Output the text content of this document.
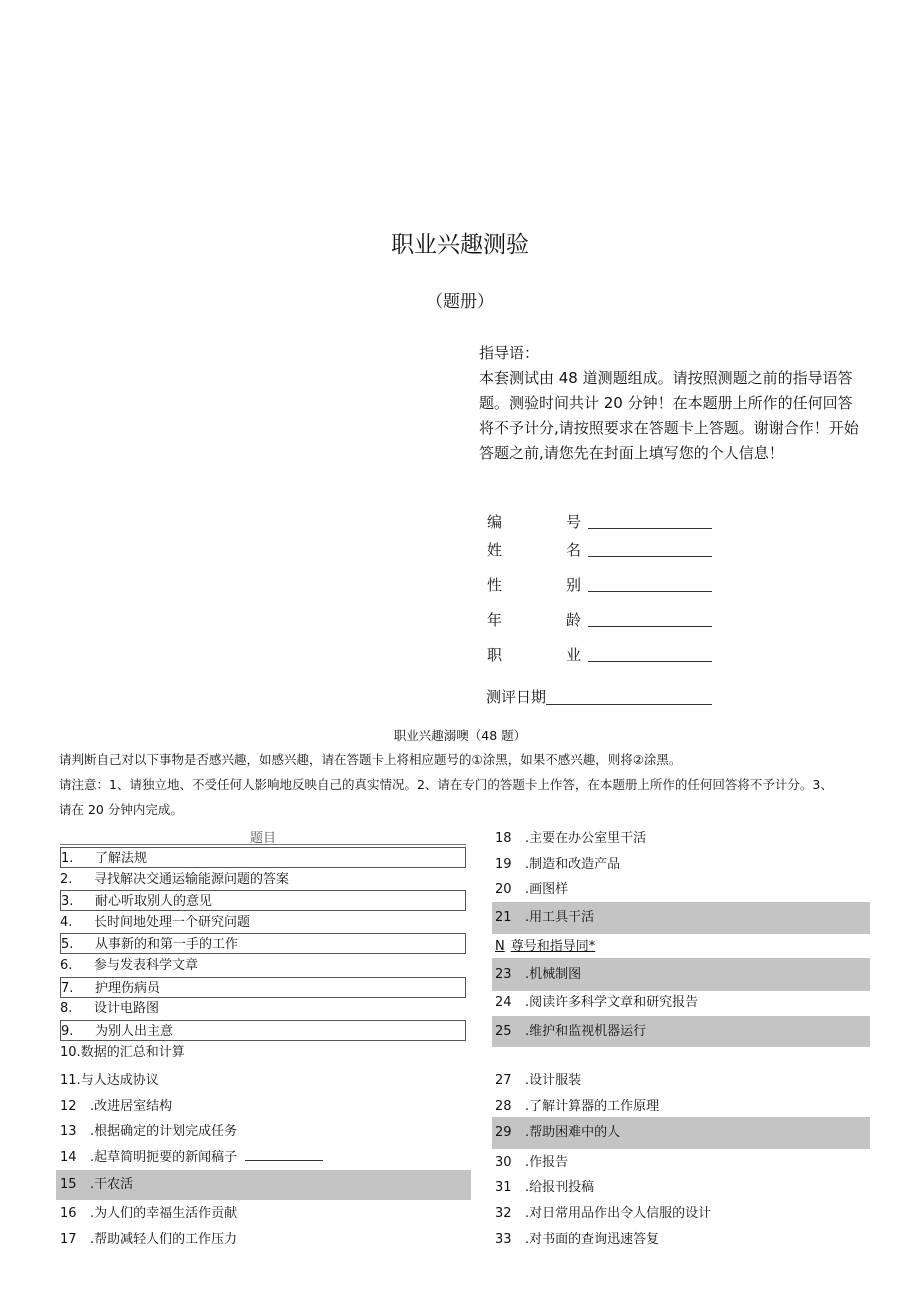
职业兴趣测验
（题册）
指导语：
本套测试由 48 道测题组成。请按照测题之前的指导语答
题。测验时间共计 20 分钟！在本题册上所作的任何回答
将不予计分,请按照要求在答题卡上答题。谢谢合作！开始
答题之前,请您先在封面上填写您的个人信息！
编	号
姓	名
性	别
年	龄
职	业
测评日期
职业兴趣溺噢（48 题）
请判断自己对以下事物是否感兴趣，如感兴趣，请在答题卡上将相应题号的①涂黑，如果不感兴趣，则将②涂黑。
请注意：1、请独立地、不受任何人影响地反映自己的真实情况。2、请在专门的答题卡上作答，在本题册上所作的任何回答将不予计分。3、
请在 20 分钟内完成。
题目
1. 了解法规
2. 寻找解决交通运输能源问题的答案
3. 耐心听取别人的意见
4. 长时间地处理一个研究问题
5. 从事新的和第一手的工作
6. 参与发表科学文章
7. 护理伤病员
8. 设计电路图
9. 为别人出主意
10.数据的汇总和计算
11.与人达成协议
12 .改进居室结构
13 .根据确定的计划完成任务
14 .起草简明扼要的新闻稿子
15 .干农活
16 .为人们的幸福生活作贡献
17 .帮助减轻人们的工作压力
18 .主要在办公室里干活
19 .制造和改造产品
20 .画图样
21 .用工具干活
N 尊号和指导同*
23 .机械制图
24 .阅读许多科学文章和研究报告
25 .维护和监视机器运行
27 .设计服装
28 .了解计算器的工作原理
29 .帮助困难中的人
30 .作报告
31 .给报刊投稿
32 .对日常用品作出令人信服的设计
33 .对书面的查询迅速答复
